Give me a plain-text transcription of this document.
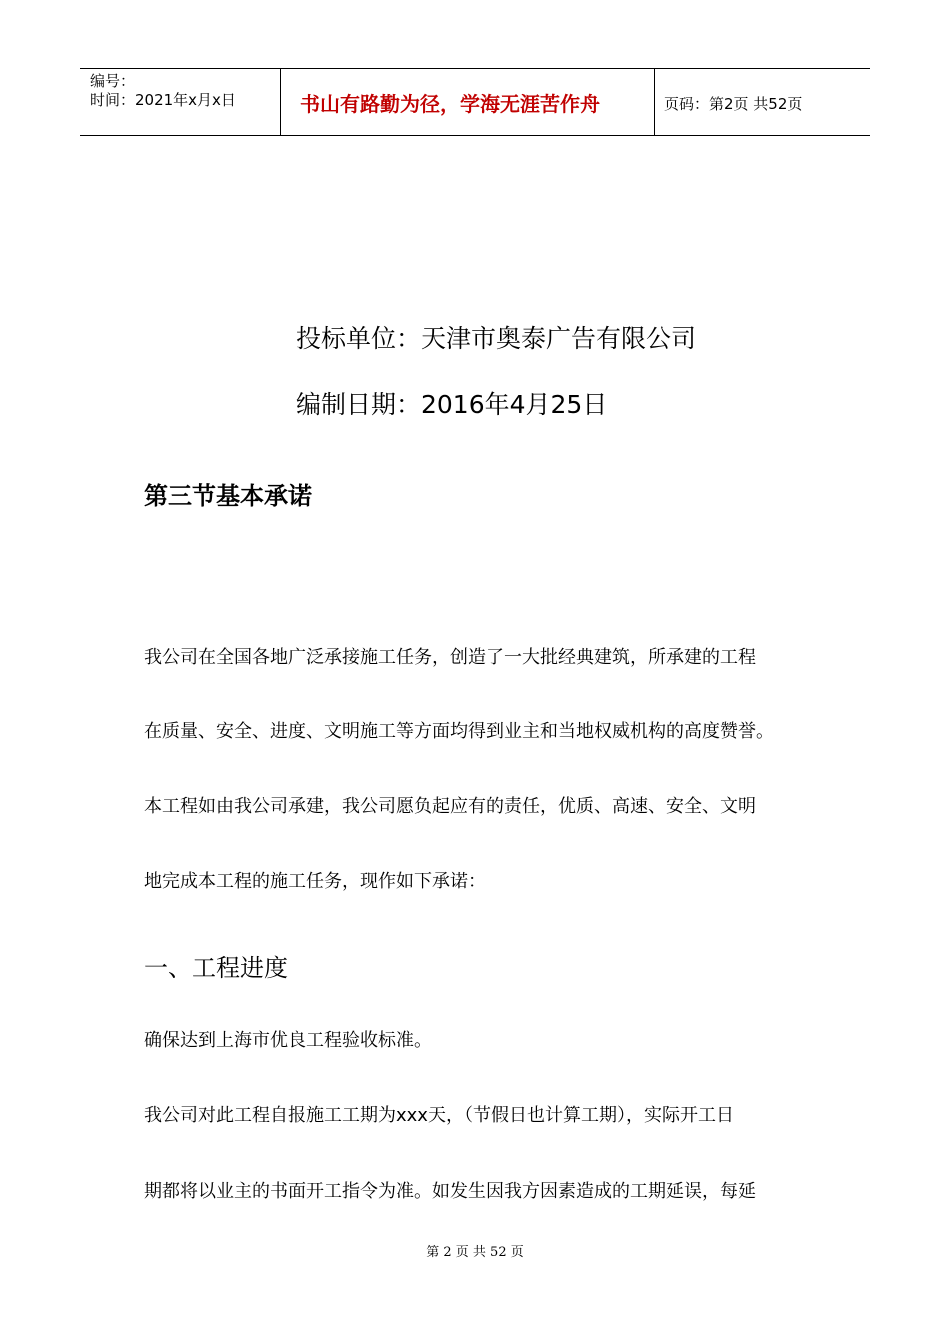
编号：
时间：2021年x月x日	书山有路勤为径，学海无涯苦作舟	页码：第2页 共52页
投标单位：天津市奥泰广告有限公司
编制日期：2016年4月25日
第三节基本承诺
我公司在全国各地广泛承接施工任务，创造了一大批经典建筑，所承建的工程
在质量、安全、进度、文明施工等方面均得到业主和当地权威机构的高度赞誉。
本工程如由我公司承建，我公司愿负起应有的责任，优质、高速、安全、文明
地完成本工程的施工任务，现作如下承诺：
一、工程进度
确保达到上海市优良工程验收标准。
我公司对此工程自报施工工期为xxx天，（节假日也计算工期），实际开工日
期都将以业主的书面开工指令为准。如发生因我方因素造成的工期延误，每延
第 2 页 共 52 页
